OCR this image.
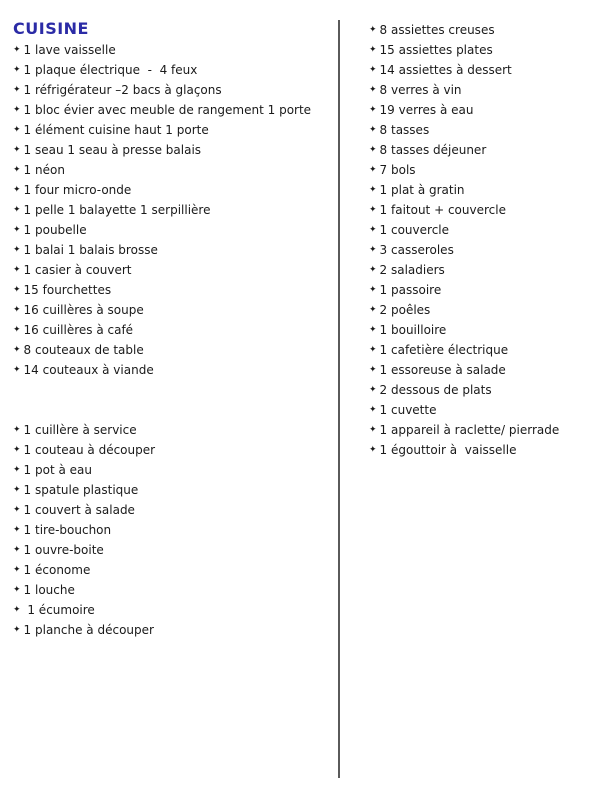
CUISINE
✦ 1 lave vaisselle
✦ 1 plaque électrique  -  4 feux
✦ 1 réfrigérateur –2 bacs à glaçons
✦ 1 bloc évier avec meuble de rangement 1 porte
✦ 1 élément cuisine haut 1 porte
✦ 1 seau 1 seau à presse balais
✦ 1 néon
✦ 1 four micro-onde
✦ 1 pelle 1 balayette 1 serpillière
✦ 1 poubelle
✦ 1 balai 1 balais brosse
✦ 1 casier à couvert
✦ 15 fourchettes
✦ 16 cuillères à soupe
✦ 16 cuillères à café
✦ 8 couteaux de table
✦ 14 couteaux à viande
✦ 1 cuillère à service
✦ 1 couteau à découper
✦ 1 pot à eau
✦ 1 spatule plastique
✦ 1 couvert à salade
✦ 1 tire-bouchon
✦ 1 ouvre-boite
✦ 1 économe
✦ 1 louche
✦ 1 écumoire
✦ 1 planche à découper
✦ 8 assiettes creuses
✦ 15 assiettes plates
✦ 14 assiettes à dessert
✦ 8 verres à vin
✦ 19 verres à eau
✦ 8 tasses
✦ 8 tasses déjeuner
✦ 7 bols
✦ 1 plat à gratin
✦ 1 faitout + couvercle
✦ 1 couvercle
✦ 3 casseroles
✦ 2 saladiers
✦ 1 passoire
✦ 2 poêles
✦ 1 bouilloire
✦ 1 cafetière électrique
✦ 1 essoreuse à salade
✦ 2 dessous de plats
✦ 1 cuvette
✦ 1 appareil à raclette/ pierrade
✦ 1 égouttoir à  vaisselle
